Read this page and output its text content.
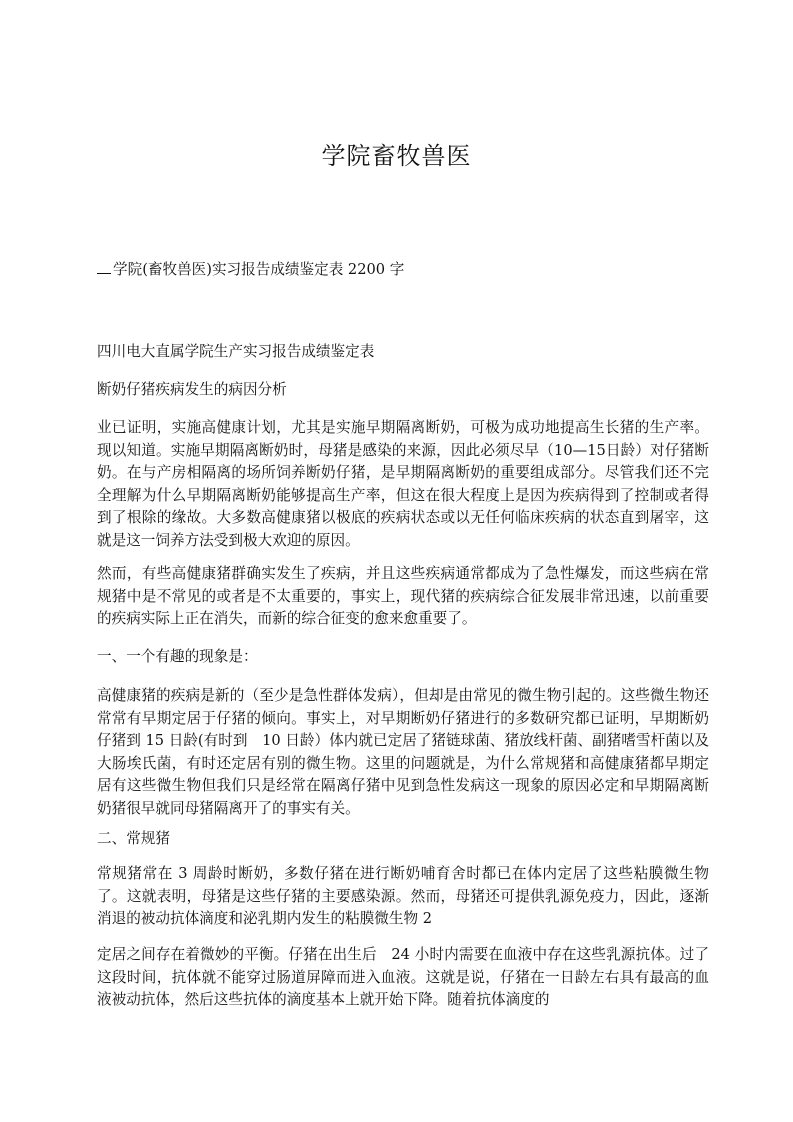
学院畜牧兽医
学院(畜牧兽医)实习报告成绩鉴定表 2200 字

四川电大直属学院生产实习报告成绩鉴定表

断奶仔猪疾病发生的病因分析

业已证明，实施高健康计划，尤其是实施早期隔离断奶，可极为成功地提高生长猪的生产率。现以知道。实施早期隔离断奶时，母猪是感染的来源，因此必须尽早（10—15日龄）对仔猪断奶。在与产房相隔离的场所饲养断奶仔猪，是早期隔离断奶的重要组成部分。尽管我们还不完全理解为什么早期隔离断奶能够提高生产率，但这在很大程度上是因为疾病得到了控制或者得到了根除的缘故。大多数高健康猪以极底的疾病状态或以无任何临床疾病的状态直到屠宰，这就是这一饲养方法受到极大欢迎的原因。

然而，有些高健康猪群确实发生了疾病，并且这些疾病通常都成为了急性爆发，而这些病在常规猪中是不常见的或者是不太重要的，事实上，现代猪的疾病综合征发展非常迅速，以前重要的疾病实际上正在消失，而新的综合征变的愈来愈重要了。

一、一个有趣的现象是：

高健康猪的疾病是新的（至少是急性群体发病），但却是由常见的微生物引起的。这些微生物还常常有早期定居于仔猪的倾向。事实上，对早期断奶仔猪进行的多数研究都已证明，早期断奶仔猪到 15 日龄(有时到　10 日龄）体内就已定居了猪链球菌、猪放线杆菌、副猪嗜雪杆菌以及大肠埃氏菌，有时还定居有别的微生物。这里的问题就是，为什么常规猪和高健康猪都早期定居有这些微生物但我们只是经常在隔离仔猪中见到急性发病这一现象的原因必定和早期隔离断奶猪很早就同母猪隔离开了的事实有关。

二、常规猪

常规猪常在 3 周龄时断奶，多数仔猪在进行断奶哺育舍时都已在体内定居了这些粘膜微生物了。这就表明，母猪是这些仔猪的主要感染源。然而，母猪还可提供乳源免疫力，因此，逐渐消退的被动抗体滴度和泌乳期内发生的粘膜微生物 2

定居之间存在着微妙的平衡。仔猪在出生后　24 小时内需要在血液中存在这些乳源抗体。过了这段时间，抗体就不能穿过肠道屏障而进入血液。这就是说，仔猪在一日龄左右具有最高的血液被动抗体，然后这些抗体的滴度基本上就开始下降。随着抗体滴度的
